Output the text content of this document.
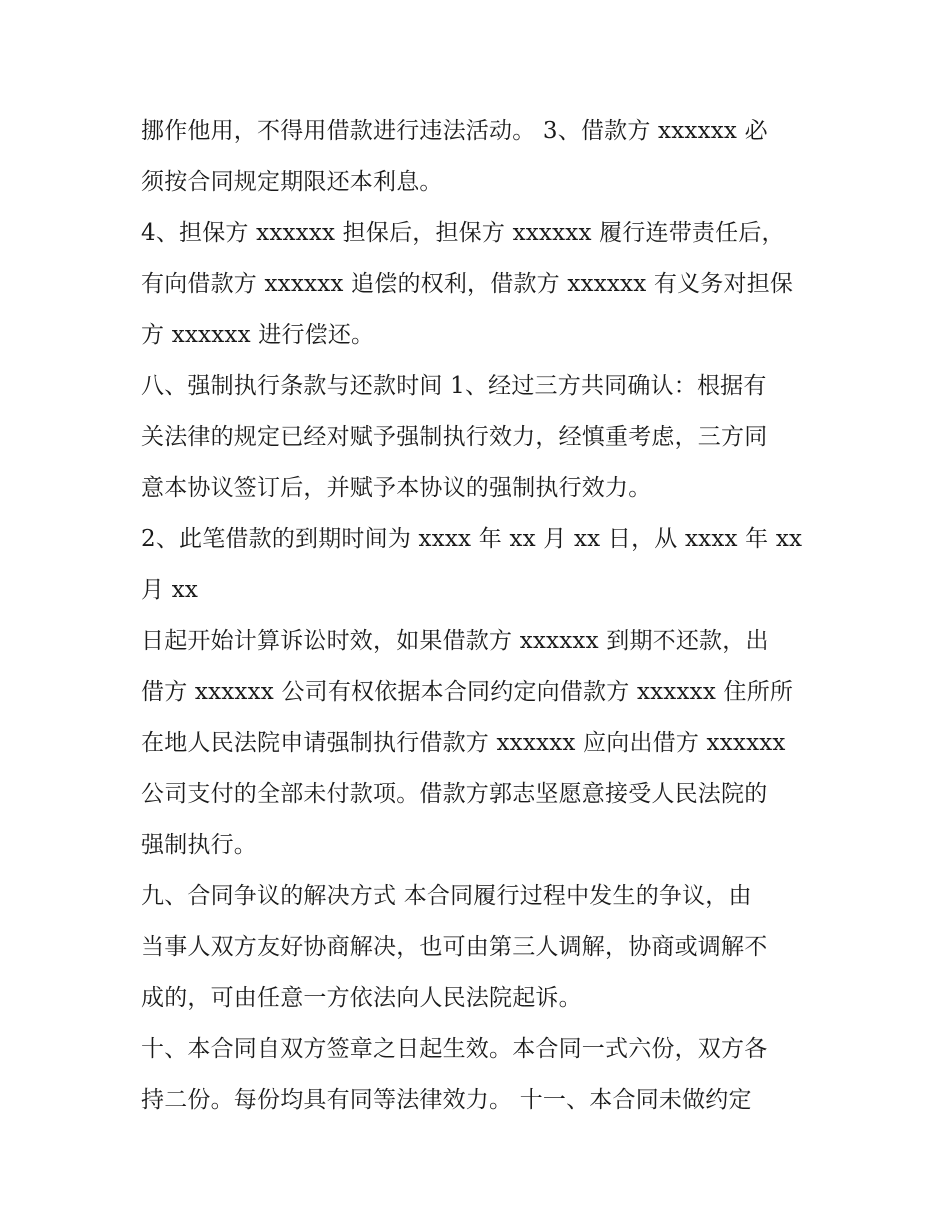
挪作他用，不得用借款进行违法活动。 3、借款方 xxxxxx 必
须按合同规定期限还本利息。
4、担保方 xxxxxx 担保后，担保方 xxxxxx 履行连带责任后，
有向借款方 xxxxxx 追偿的权利，借款方 xxxxxx 有义务对担保
方 xxxxxx 进行偿还。
八、强制执行条款与还款时间 1、经过三方共同确认：根据有
关法律的规定已经对赋予强制执行效力，经慎重考虑，三方同
意本协议签订后，并赋予本协议的强制执行效力。
2、此笔借款的到期时间为 xxxx 年 xx 月 xx 日，从 xxxx 年 xx
月 xx
日起开始计算诉讼时效，如果借款方 xxxxxx 到期不还款，出
借方 xxxxxx 公司有权依据本合同约定向借款方 xxxxxx 住所所
在地人民法院申请强制执行借款方 xxxxxx 应向出借方 xxxxxx
公司支付的全部未付款项。借款方郭志坚愿意接受人民法院的
强制执行。
九、合同争议的解决方式 本合同履行过程中发生的争议，由
当事人双方友好协商解决，也可由第三人调解，协商或调解不
成的，可由任意一方依法向人民法院起诉。
十、本合同自双方签章之日起生效。本合同一式六份，双方各
持二份。每份均具有同等法律效力。 十一、本合同未做约定
